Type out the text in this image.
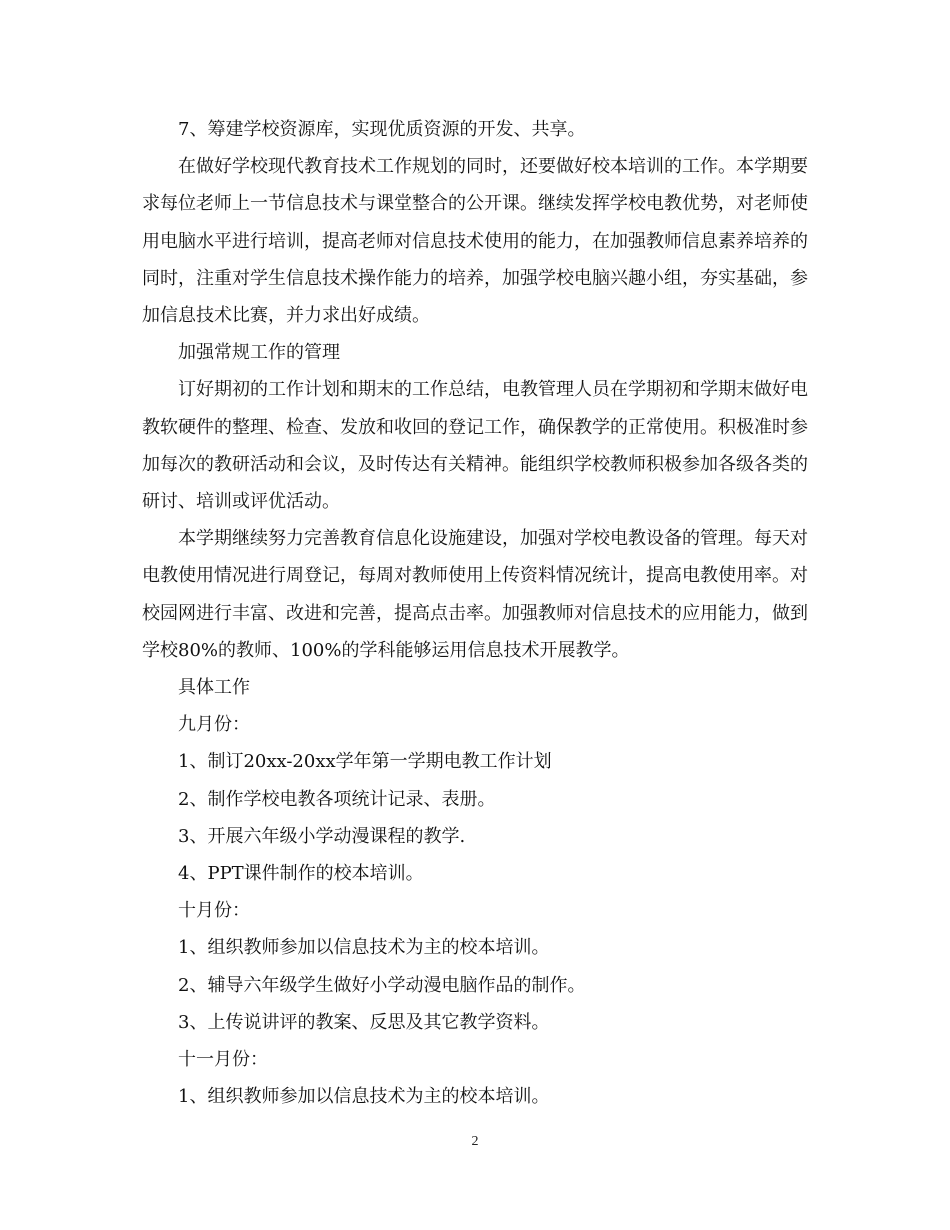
7、筹建学校资源库，实现优质资源的开发、共享。

在做好学校现代教育技术工作规划的同时，还要做好校本培训的工作。本学期要求每位老师上一节信息技术与课堂整合的公开课。继续发挥学校电教优势，对老师使用电脑水平进行培训，提高老师对信息技术使用的能力，在加强教师信息素养培养的同时，注重对学生信息技术操作能力的培养，加强学校电脑兴趣小组，夯实基础，参加信息技术比赛，并力求出好成绩。

加强常规工作的管理

订好期初的工作计划和期末的工作总结，电教管理人员在学期初和学期末做好电教软硬件的整理、检查、发放和收回的登记工作，确保教学的正常使用。积极准时参加每次的教研活动和会议，及时传达有关精神。能组织学校教师积极参加各级各类的研讨、培训或评优活动。

本学期继续努力完善教育信息化设施建设，加强对学校电教设备的管理。每天对电教使用情况进行周登记，每周对教师使用上传资料情况统计，提高电教使用率。对校园网进行丰富、改进和完善，提高点击率。加强教师对信息技术的应用能力，做到学校80%的教师、100%的学科能够运用信息技术开展教学。

具体工作

九月份：

1、制订20xx-20xx学年第一学期电教工作计划

2、制作学校电教各项统计记录、表册。

3、开展六年级小学动漫课程的教学.

4、PPT课件制作的校本培训。

十月份：

1、组织教师参加以信息技术为主的校本培训。

2、辅导六年级学生做好小学动漫电脑作品的制作。

3、上传说讲评的教案、反思及其它教学资料。

十一月份：

1、组织教师参加以信息技术为主的校本培训。

2
